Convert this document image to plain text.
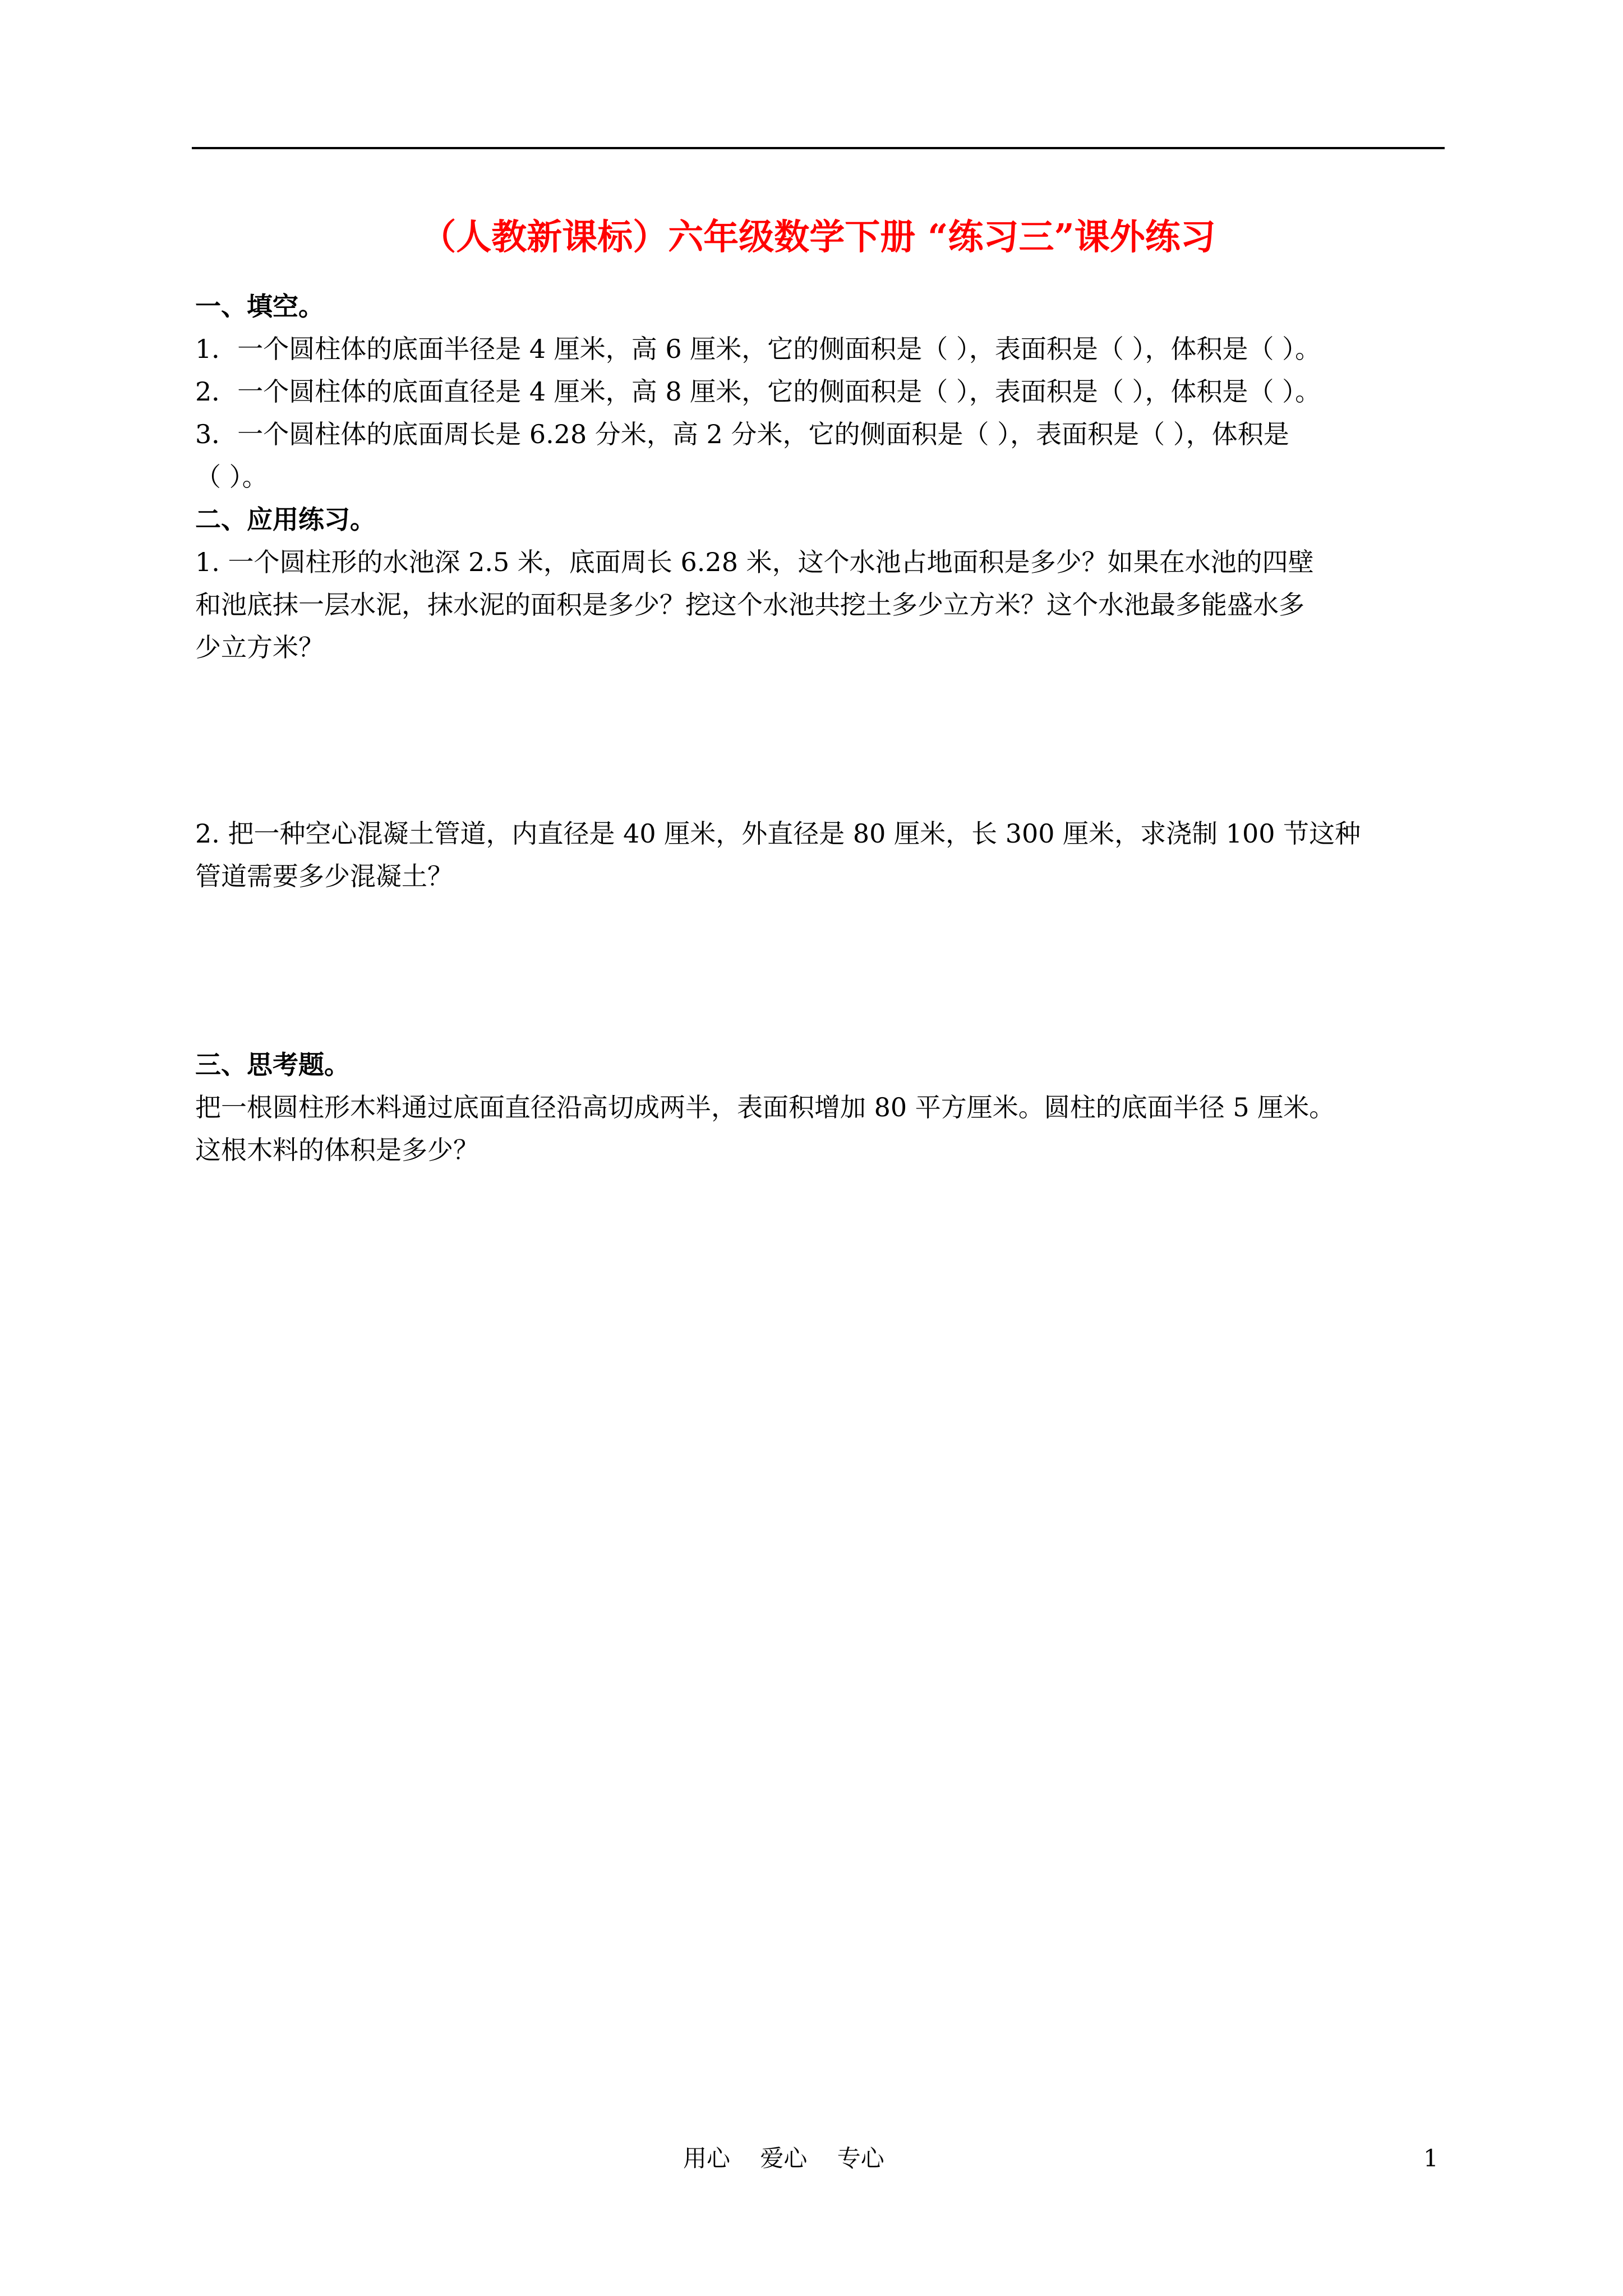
（人教新课标）六年级数学下册 “练习三”课外练习
一、填空。
1．一个圆柱体的底面半径是 4 厘米，高 6 厘米，它的侧面积是（ ），表面积是（ ），体积是（ ）。
2．一个圆柱体的底面直径是 4 厘米，高 8 厘米，它的侧面积是（ ），表面积是（ ），体积是（ ）。
3．一个圆柱体的底面周长是 6.28 分米，高 2 分米，它的侧面积是（ ），表面积是（ ），体积是
（ ）。
二、应用练习。
1. 一个圆柱形的水池深 2.5 米，底面周长 6.28 米，这个水池占地面积是多少？如果在水池的四壁
和池底抹一层水泥，抹水泥的面积是多少？挖这个水池共挖土多少立方米？这个水池最多能盛水多
少立方米？
2. 把一种空心混凝土管道，内直径是 40 厘米，外直径是 80 厘米，长 300 厘米，求浇制 100 节这种
管道需要多少混凝土？
三、思考题。
把一根圆柱形木料通过底面直径沿高切成两半，表面积增加 80 平方厘米。圆柱的底面半径 5 厘米。
这根木料的体积是多少？
用心    爱心    专心	1
